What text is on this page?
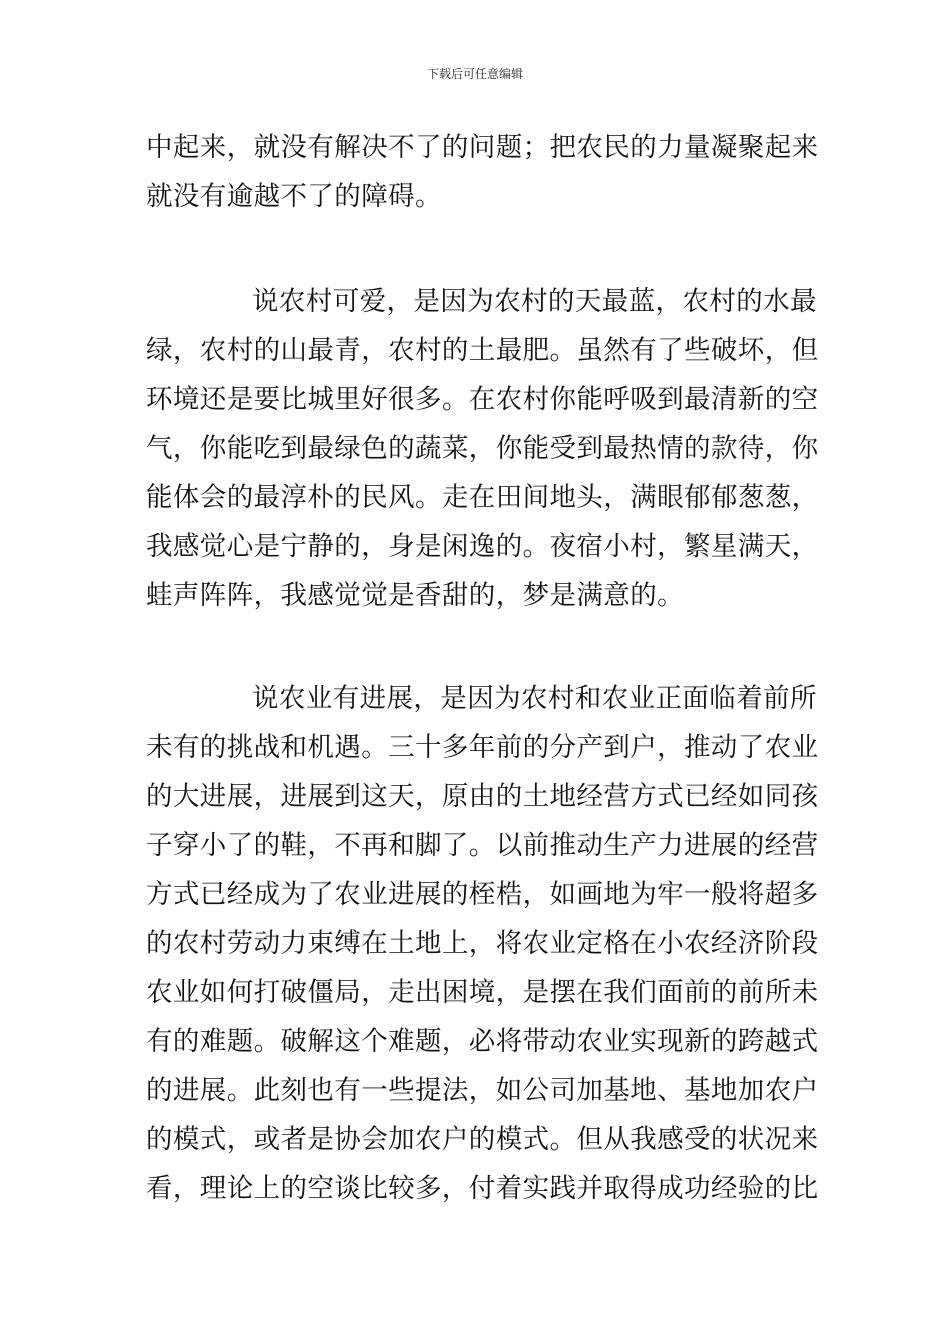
下载后可任意编辑
中起来，就没有解决不了的问题；把农民的力量凝聚起来
就没有逾越不了的障碍。
说农村可爱，是因为农村的天最蓝，农村的水最
绿，农村的山最青，农村的土最肥。虽然有了些破坏，但
环境还是要比城里好很多。在农村你能呼吸到最清新的空
气，你能吃到最绿色的蔬菜，你能受到最热情的款待，你
能体会的最淳朴的民风。走在田间地头，满眼郁郁葱葱，
我感觉心是宁静的，身是闲逸的。夜宿小村，繁星满天，
蛙声阵阵，我感觉觉是香甜的，梦是满意的。
说农业有进展，是因为农村和农业正面临着前所
未有的挑战和机遇。三十多年前的分产到户，推动了农业
的大进展，进展到这天，原由的土地经营方式已经如同孩
子穿小了的鞋，不再和脚了。以前推动生产力进展的经营
方式已经成为了农业进展的桎梏，如画地为牢一般将超多
的农村劳动力束缚在土地上，将农业定格在小农经济阶段
农业如何打破僵局，走出困境，是摆在我们面前的前所未
有的难题。破解这个难题，必将带动农业实现新的跨越式
的进展。此刻也有一些提法，如公司加基地、基地加农户
的模式，或者是协会加农户的模式。但从我感受的状况来
看，理论上的空谈比较多，付着实践并取得成功经验的比
